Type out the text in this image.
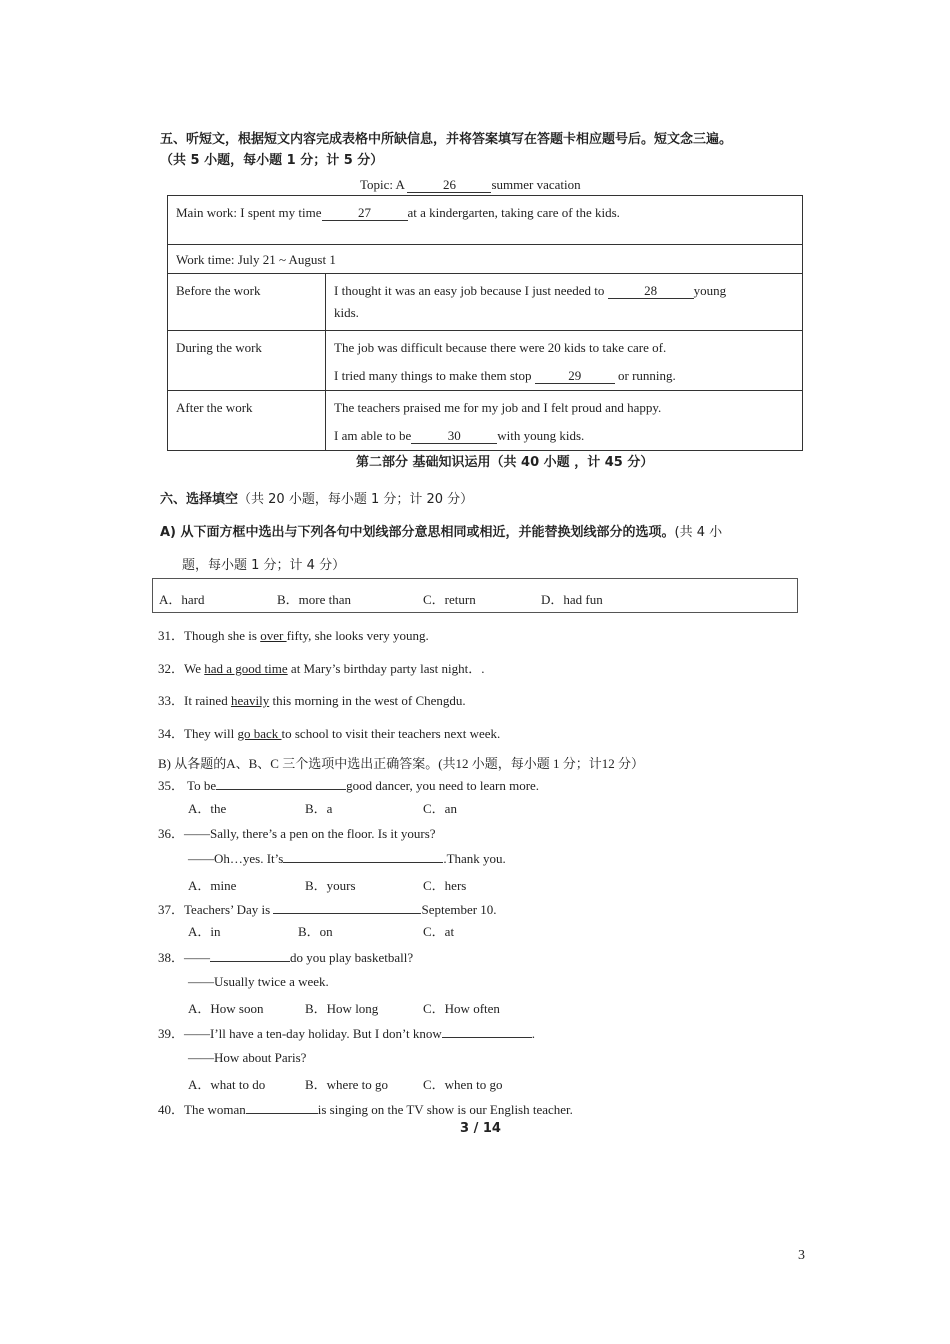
五、听短文，根据短文内容完成表格中所缺信息，并将答案填写在答题卡相应题号后。短文念三遍。
（共 5 小题，每小题 1 分；计 5 分）
Topic: A	26	summer vacation
Main work: I spent my time 27 at a kindergarten, taking care of the kids.	
Work time: July 21 ~ August 1	
Before the work	I thought it was an easy job because I just needed to 28 young
kids.
During the work	The job was difficult because there were 20 kids to take care of.
I tried many things to make them stop 29 or running.
After the work	The teachers praised me for my job and I felt proud and happy.
I am able to be 30 with young kids.
第二部分 基础知识运用（共 40 小题 ，计 45 分）
六、选择填空（共 20 小题，每小题 1 分；计 20 分）
A) 从下面方框中选出与下列各句中划线部分意思相同或相近，并能替换划线部分的选项。(共 4 小
题，每小题 1 分；计 4 分）
A．hard	B．more than	C．return	D．had fun
31．Though she is over fifty, she looks very young.
32．We had a good time at Mary’s birthday party last night．.
33．It rained heavily this morning in the west of Chengdu.
34．They will go back to school to visit their teachers next week.
B) 从各题的A、B、C 三个选项中选出正确答案。(共12 小题，每小题 1 分；计12 分）
35． To be	good dancer, you need to learn more.
A．the	B．a	C．an
36．——Sally, there’s a pen on the floor. Is it yours?
——Oh…yes. It’s	.Thank you.
A．mine	B．yours	C．hers
37．Teachers’ Day is	September 10.
A．in	B．on	C．at
38．——	do you play basketball?
——Usually twice a week.
A．How soon	B．How long	C．How often
39．——I’ll have a ten-day holiday. But I don’t know	.
——How about Paris?
A．what to do	B．where to go	C．when to go
40．The woman	is singing on the TV show is our English teacher.
3 / 14
3
